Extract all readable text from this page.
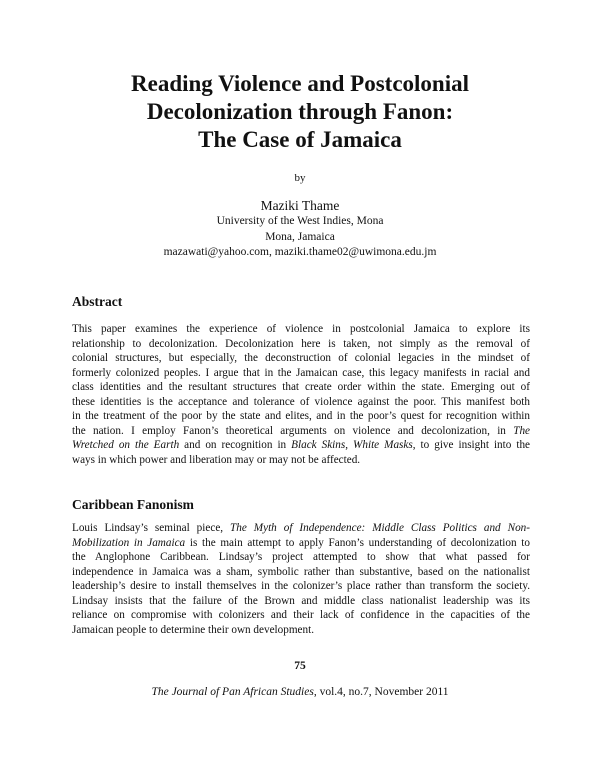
Reading Violence and Postcolonial
Decolonization through Fanon:
The Case of Jamaica
by
Maziki Thame
University of the West Indies, Mona
Mona, Jamaica
mazawati@yahoo.com, maziki.thame02@uwimona.edu.jm
Abstract
This paper examines the experience of violence in postcolonial Jamaica to explore its
relationship to decolonization. Decolonization here is taken, not simply as the removal of
colonial structures, but especially, the deconstruction of colonial legacies in the mindset of
formerly colonized peoples. I argue that in the Jamaican case, this legacy manifests in racial and
class identities and the resultant structures that create order within the state. Emerging out of
these identities is the acceptance and tolerance of violence against the poor. This manifest both
in the treatment of the poor by the state and elites, and in the poor’s quest for recognition within
the nation. I employ Fanon’s theoretical arguments on violence and decolonization, in The
Wretched on the Earth and on recognition in Black Skins, White Masks, to give insight into the
ways in which power and liberation may or may not be affected.
Caribbean Fanonism
Louis Lindsay’s seminal piece, The Myth of Independence: Middle Class Politics and Non-
Mobilization in Jamaica is the main attempt to apply Fanon’s understanding of decolonization to
the Anglophone Caribbean. Lindsay’s project attempted to show that what passed for
independence in Jamaica was a sham, symbolic rather than substantive, based on the nationalist
leadership’s desire to install themselves in the colonizer’s place rather than transform the society.
Lindsay insists that the failure of the Brown and middle class nationalist leadership was its
reliance on compromise with colonizers and their lack of confidence in the capacities of the
Jamaican people to determine their own development.
75
The Journal of Pan African Studies, vol.4, no.7, November 2011
